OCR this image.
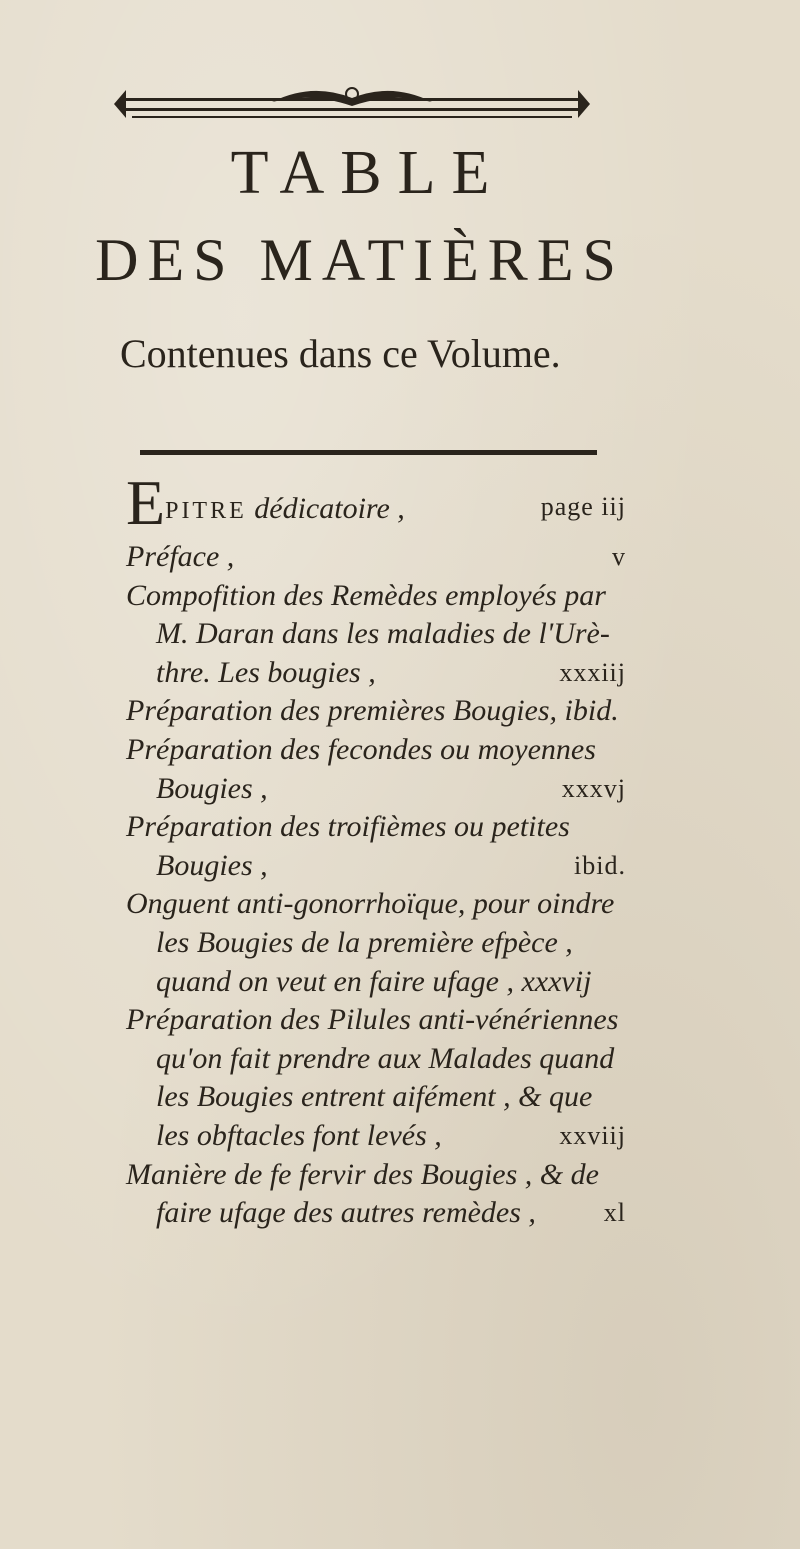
TABLE
DES MATIÈRES
Contenues dans ce Volume.
EPITRE dédicatoire ,	page iij
Préface ,	v
Compofition des Remèdes employés par
M. Daran dans les maladies de l'Urè-
thre. Les bougies ,	xxxiij
Préparation des premières Bougies, ibid.
Préparation des fecondes ou moyennes
Bougies ,	xxxvj
Préparation des troifièmes ou petites
Bougies ,	ibid.
Onguent anti-gonorrhoïque, pour oindre
les Bougies de la première efpèce ,
quand on veut en faire ufage , xxxvij
Préparation des Pilules anti-vénériennes
qu'on fait prendre aux Malades quand
les Bougies entrent aifément , & que
les obftacles font levés ,	xxviij
Manière de fe fervir des Bougies , & de
faire ufage des autres remèdes ,	xl
